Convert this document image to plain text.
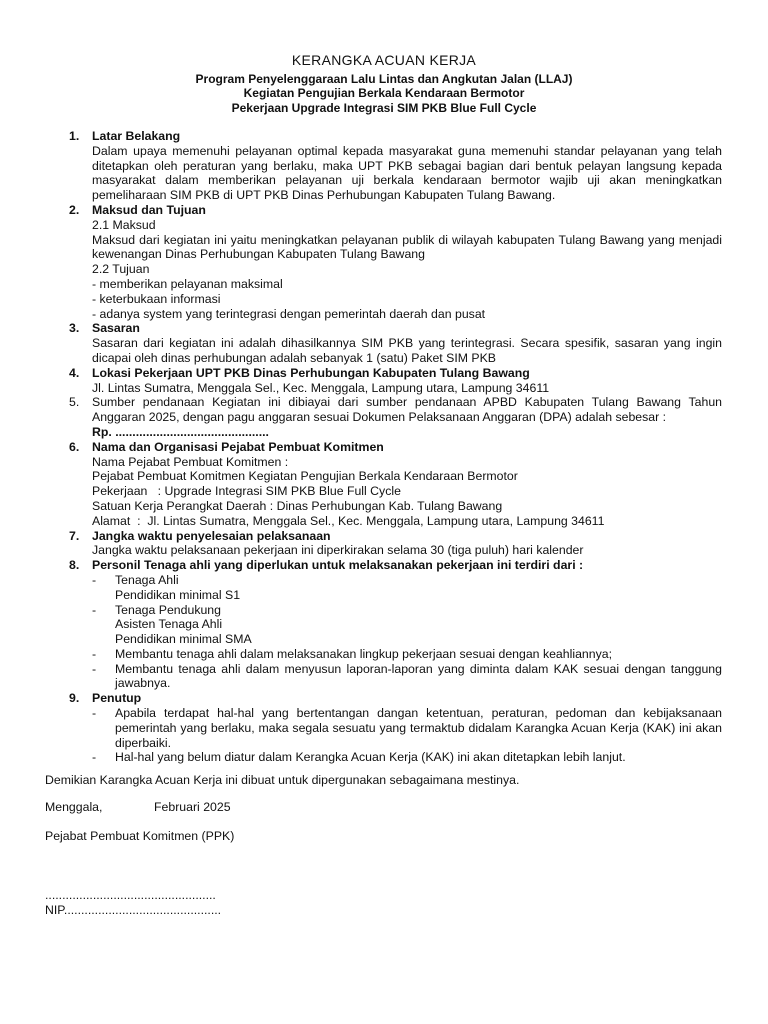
KERANGKA ACUAN KERJA
Program Penyelenggaraan Lalu Lintas dan Angkutan Jalan (LLAJ)
Kegiatan Pengujian Berkala Kendaraan Bermotor
Pekerjaan Upgrade Integrasi SIM PKB Blue Full Cycle
1. Latar Belakang

Dalam upaya memenuhi pelayanan optimal kepada masyarakat guna memenuhi standar pelayanan yang telah ditetapkan oleh peraturan yang berlaku, maka UPT PKB sebagai bagian dari bentuk pelayan langsung kepada masyarakat dalam memberikan pelayanan uji berkala kendaraan bermotor wajib uji akan meningkatkan pemeliharaan SIM PKB di UPT PKB Dinas Perhubungan Kabupaten Tulang Bawang.

2. Maksud dan Tujuan
2.1 Maksud

Maksud dari kegiatan ini yaitu meningkatkan pelayanan publik di wilayah kabupaten Tulang Bawang yang menjadi kewenangan Dinas Perhubungan Kabupaten Tulang Bawang

2.2 Tujuan
- memberikan pelayanan maksimal
- keterbukaan informasi
- adanya system yang terintegrasi dengan pemerintah daerah dan pusat
3. Sasaran

Sasaran dari kegiatan ini adalah dihasilkannya SIM PKB yang terintegrasi. Secara spesifik, sasaran yang ingin dicapai oleh dinas perhubungan adalah sebanyak 1 (satu) Paket SIM PKB

4. Lokasi Pekerjaan UPT PKB Dinas Perhubungan Kabupaten Tulang Bawang
Jl. Lintas Sumatra, Menggala Sel., Kec. Menggala, Lampung utara, Lampung 34611
5. Sumber pendanaan Kegiatan ini dibiayai dari sumber pendanaan APBD Kabupaten Tulang Bawang Tahun Anggaran 2025, dengan pagu anggaran sesuai Dokumen Pelaksanaan Anggaran (DPA) adalah sebesar :

Rp. .............................................
6. Nama dan Organisasi Pejabat Pembuat Komitmen
Nama Pejabat Pembuat Komitmen :
Pejabat Pembuat Komitmen Kegiatan Pengujian Berkala Kendaraan Bermotor
Pekerjaan   : Upgrade Integrasi SIM PKB Blue Full Cycle
Satuan Kerja Perangkat Daerah : Dinas Perhubungan Kab. Tulang Bawang
Alamat  :  Jl. Lintas Sumatra, Menggala Sel., Kec. Menggala, Lampung utara, Lampung 34611
7. Jangka waktu penyelesaian pelaksanaan
Jangka waktu pelaksanaan pekerjaan ini diperkirakan selama 30 (tiga puluh) hari kalender
8. Personil Tenaga ahli yang diperlukan untuk melaksanakan pekerjaan ini terdiri dari :
- Tenaga Ahli
Pendidikan minimal S1
- Tenaga Pendukung
Asisten Tenaga Ahli
Pendidikan minimal SMA
- Membantu tenaga ahli dalam melaksanakan lingkup pekerjaan sesuai dengan keahliannya;
- Membantu tenaga ahli dalam menyusun laporan-laporan yang diminta dalam KAK sesuai dengan tanggung jawabnya.
9. Penutup
- Apabila terdapat hal-hal yang bertentangan dangan ketentuan, peraturan, pedoman dan kebijaksanaan pemerintah yang berlaku, maka segala sesuatu yang termaktub didalam Karangka Acuan Kerja (KAK) ini akan diperbaiki.
- Hal-hal yang belum diatur dalam Kerangka Acuan Kerja (KAK) ini akan ditetapkan lebih lanjut.
Demikian Karangka Acuan Kerja ini dibuat untuk dipergunakan sebagaimana mestinya.
Menggala,	Februari 2025
Pejabat Pembuat Komitmen (PPK)
..................................................
NIP..............................................
